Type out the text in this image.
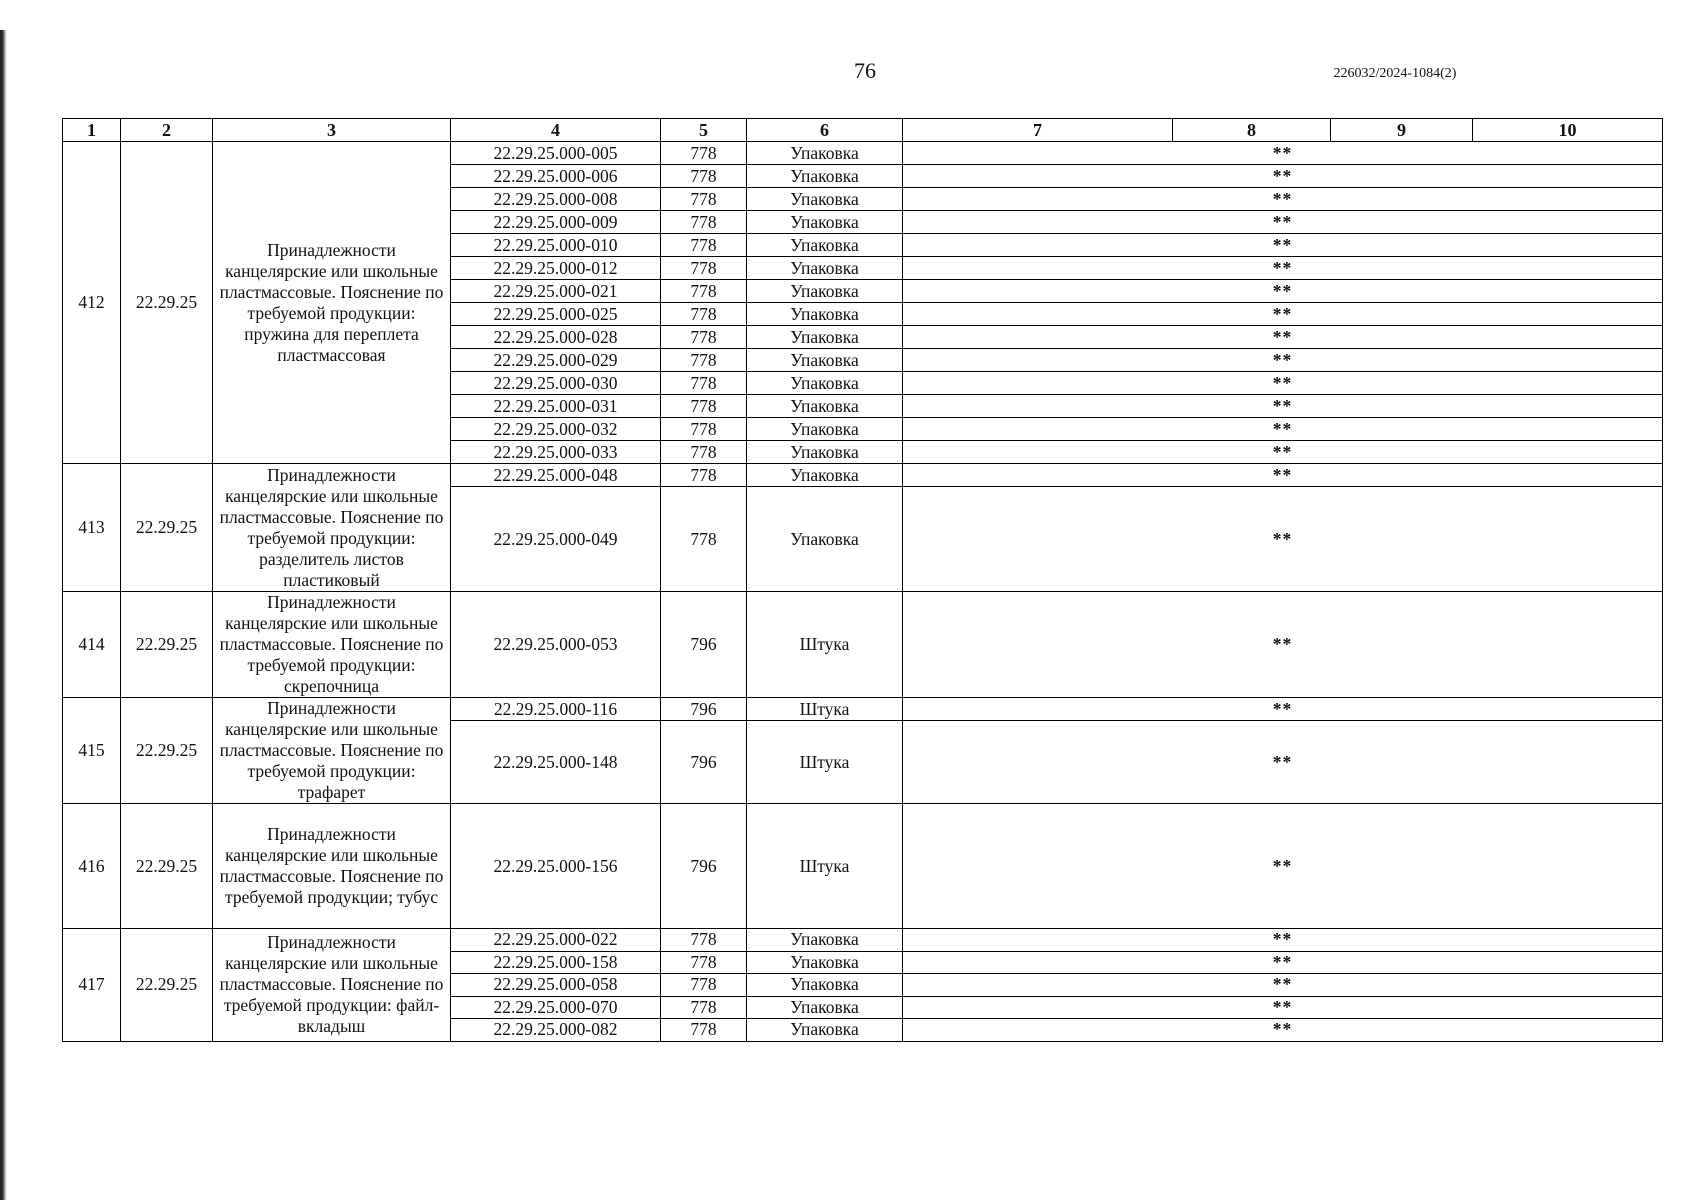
76	226032/2024-1084(2)
1	2	3	4	5	6	7	8	9	10
412	22.29.25	Принадлежности канцелярские или школьные пластмассовые. Пояснение по требуемой продукции: пружина для переплета пластмассовая	22.29.25.000-005	778	Упаковка	**			
			22.29.25.000-006	778	Упаковка	**			
			22.29.25.000-008	778	Упаковка	**			
			22.29.25.000-009	778	Упаковка	**			
			22.29.25.000-010	778	Упаковка	**			
			22.29.25.000-012	778	Упаковка	**			
			22.29.25.000-021	778	Упаковка	**			
			22.29.25.000-025	778	Упаковка	**			
			22.29.25.000-028	778	Упаковка	**			
			22.29.25.000-029	778	Упаковка	**			
			22.29.25.000-030	778	Упаковка	**			
			22.29.25.000-031	778	Упаковка	**			
			22.29.25.000-032	778	Упаковка	**			
			22.29.25.000-033	778	Упаковка	**			
413	22.29.25	Принадлежности канцелярские или школьные пластмассовые. Пояснение по требуемой продукции: разделитель листов пластиковый	22.29.25.000-048	778	Упаковка	**			
			22.29.25.000-049	778	Упаковка	**			
414	22.29.25	Принадлежности канцелярские или школьные пластмассовые. Пояснение по требуемой продукции: скрепочница	22.29.25.000-053	796	Штука	**			
415	22.29.25	Принадлежности канцелярские или школьные пластмассовые. Пояснение по требуемой продукции: трафарет	22.29.25.000-116	796	Штука	**			
			22.29.25.000-148	796	Штука	**			
416	22.29.25	Принадлежности канцелярские или школьные пластмассовые. Пояснение по требуемой продукции; тубус	22.29.25.000-156	796	Штука	**			
417	22.29.25	Принадлежности канцелярские или школьные пластмассовые. Пояснение по требуемой продукции: файл-вкладыш	22.29.25.000-022	778	Упаковка	**			
			22.29.25.000-158	778	Упаковка	**			
			22.29.25.000-058	778	Упаковка	**			
			22.29.25.000-070	778	Упаковка	**			
			22.29.25.000-082	778	Упаковка	**			
